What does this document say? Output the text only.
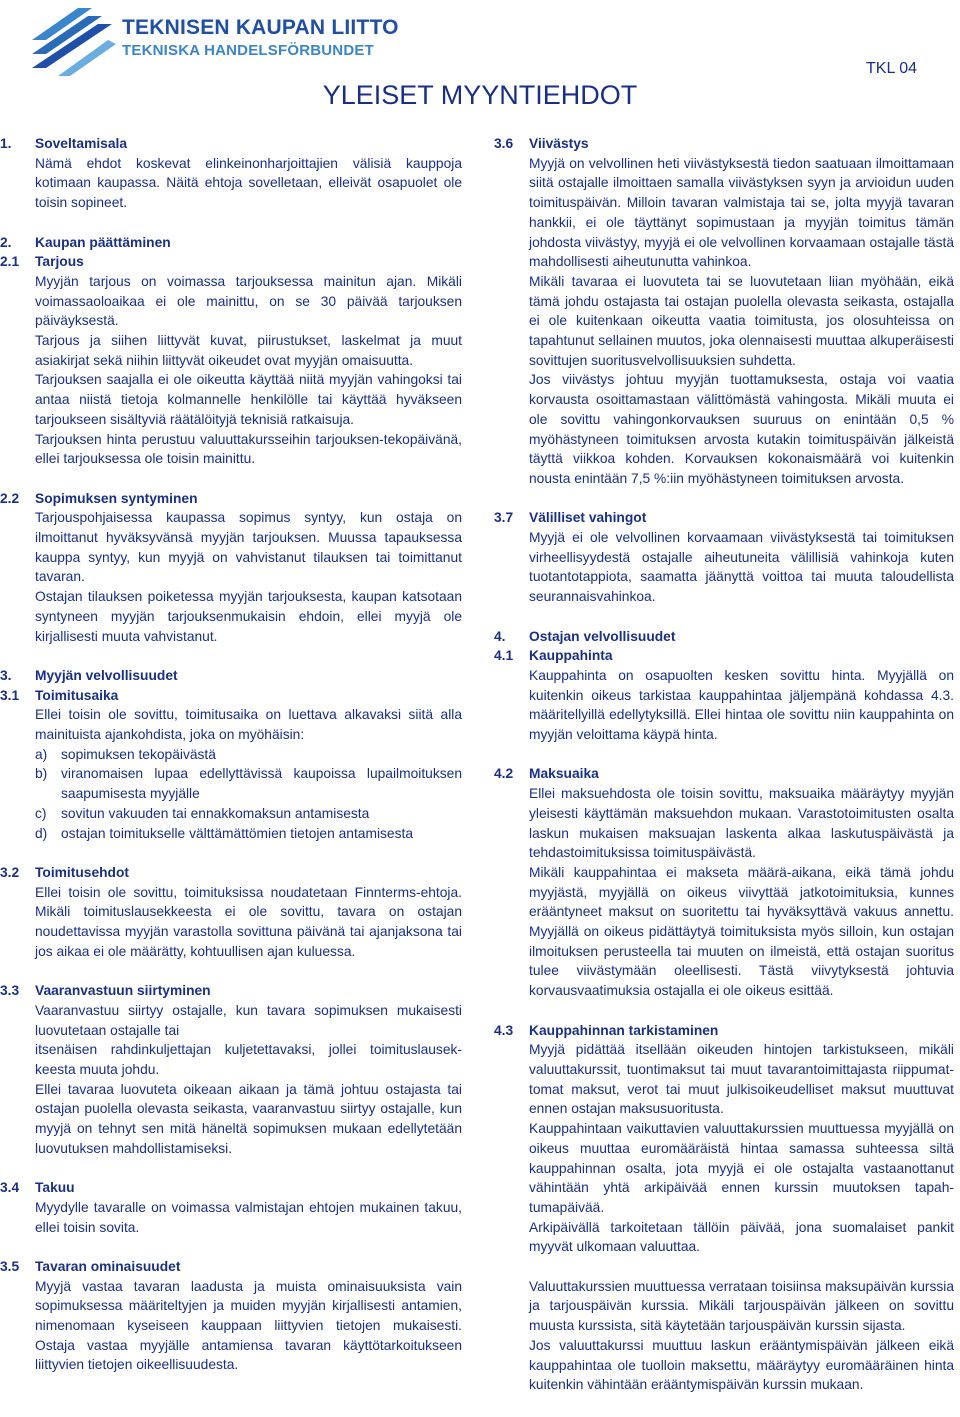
TEKNISEN KAUPAN LIITTO
TEKNISKA HANDELSFÖRBUNDET
TKL 04
YLEISET MYYNTIEHDOT
1.	Soveltamisala
Nämä ehdot koskevat elinkeinonharjoittajien välisiä kauppoja kotimaan kaupassa. Näitä ehtoja sovelletaan, elleivät osapuolet ole toisin sopineet.
2.	Kaupan päättäminen
2.1	Tarjous
Myyjän tarjous on voimassa tarjouksessa mainitun ajan. Mikäli voimassaoloaikaa ei ole mainittu, on se 30 päivää tarjouksen päiväyksestä.
Tarjous ja siihen liittyvät kuvat, piirustukset, laskelmat ja muut asiakirjat sekä niihin liittyvät oikeudet ovat myyjän omaisuutta.
Tarjouksen saajalla ei ole oikeutta käyttää niitä myyjän vahingoksi tai antaa niistä tietoja kolmannelle henkilölle tai käyttää hyväkseen tarjoukseen sisältyviä räätälöityjä teknisiä ratkaisuja.
Tarjouksen hinta perustuu valuuttakursseihin tarjouksen-tekopäivänä, ellei tarjouksessa ole toisin mainittu.
2.2	Sopimuksen syntyminen
Tarjouspohjaisessa kaupassa sopimus syntyy, kun ostaja on ilmoittanut hyväksyvänsä myyjän tarjouksen. Muussa tapauksessa kauppa syntyy, kun myyjä on vahvistanut tilauksen tai toimittanut tavaran.
Ostajan tilauksen poiketessa myyjän tarjouksesta, kaupan katsotaan syntyneen myyjän tarjouksenmukaisin ehdoin, ellei myyjä ole kirjallisesti muuta vahvistanut.
3.	Myyjän velvollisuudet
3.1	Toimitusaika
Ellei toisin ole sovittu, toimitusaika on luettava alkavaksi siitä alla mainituista ajankohdista, joka on myöhäisin:
a) sopimuksen tekopäivästä
b) viranomaisen lupaa edellyttävissä kaupoissa lupailmoituksen saapumisesta myyjälle
c)	sovitun vakuuden tai ennakkomaksun antamisesta
d) ostajan toimitukselle välttämättömien tietojen antamisesta
3.2	Toimitusehdot
Ellei toisin ole sovittu, toimituksissa noudatetaan Finnterms-ehtoja. Mikäli toimituslausekkeesta ei ole sovittu, tavara on ostajan noudettavissa myyjän varastolla sovittuna päivänä tai ajanjaksona tai jos aikaa ei ole määrätty, kohtuullisen ajan kuluessa.
3.3	Vaaranvastuun siirtyminen
Vaaranvastuu siirtyy ostajalle, kun tavara sopimuksen mukaisesti luovutetaan ostajalle tai
itsenäisen rahdinkuljettajan kuljetettavaksi, jollei toimituslausek-keesta muuta johdu.
Ellei tavaraa luovuteta oikeaan aikaan ja tämä johtuu ostajasta tai ostajan puolella olevasta seikasta, vaaranvastuu siirtyy ostajalle, kun myyjä on tehnyt sen mitä häneltä sopimuksen mukaan edellytetään luovutuksen mahdollistamiseksi.
3.4	Takuu
Myydylle tavaralle on voimassa valmistajan ehtojen mukainen takuu, ellei toisin sovita.
3.5	Tavaran ominaisuudet
Myyjä vastaa tavaran laadusta ja muista ominaisuuksista vain sopimuksessa määriteltyjen ja muiden myyjän kirjallisesti antamien, nimenomaan kyseiseen kauppaan liittyvien tietojen mukaisesti. Ostaja vastaa myyjälle antamiensa tavaran käyttötarkoitukseen liittyvien tietojen oikeellisuudesta.
3.6	Viivästys
Myyjä on velvollinen heti viivästyksestä tiedon saatuaan ilmoittamaan siitä ostajalle ilmoittaen samalla viivästyksen syyn ja arvioidun uuden toimituspäivän. Milloin tavaran valmistaja tai se, jolta myyjä tavaran hankkii, ei ole täyttänyt sopimustaan ja myyjän toimitus tämän johdosta viivästyy, myyjä ei ole velvollinen korvaamaan ostajalle tästä mahdollisesti aiheutunutta vahinkoa.
Mikäli tavaraa ei luovuteta tai se luovutetaan liian myöhään, eikä tämä johdu ostajasta tai ostajan puolella olevasta seikasta, ostajalla ei ole kuitenkaan oikeutta vaatia toimitusta, jos olosuhteissa on tapahtunut sellainen muutos, joka olennaisesti muuttaa alkuperäisesti sovittujen suoritusvelvollisuuksien suhdetta.
Jos viivästys johtuu myyjän tuottamuksesta, ostaja voi vaatia korvausta osoittamastaan välittömästä vahingosta. Mikäli muuta ei ole sovittu vahingonkorvauksen suuruus on enintään 0,5 % myöhästyneen toimituksen arvosta kutakin toimituspäivän jälkeistä täyttä viikkoa kohden. Korvauksen kokonaismäärä voi kuitenkin nousta enintään 7,5 %:iin myöhästyneen toimituksen arvosta.
3.7	Välilliset vahingot
Myyjä ei ole velvollinen korvaamaan viivästyksestä tai toimituksen virheellisyydestä ostajalle aiheutuneita välillisiä vahinkoja kuten tuotantotappiota, saamatta jäänyttä voittoa tai muuta taloudellista seurannaisvahinkoa.
4.	Ostajan velvollisuudet
4.1	Kauppahinta
Kauppahinta on osapuolten kesken sovittu hinta. Myyjällä on kuitenkin oikeus tarkistaa kauppahintaa jäljempänä kohdassa 4.3. määritellyillä edellytyksillä. Ellei hintaa ole sovittu niin kauppahinta on myyjän veloittama käypä hinta.
4.2	Maksuaika
Ellei maksuehdosta ole toisin sovittu, maksuaika määräytyy myyjän yleisesti käyttämän maksuehdon mukaan. Varastotoimitusten osalta laskun mukaisen maksuajan laskenta alkaa laskutuspäivästä ja tehdastoimituksissa toimituspäivästä.
Mikäli kauppahintaa ei makseta määrä-aikana, eikä tämä johdu myyjästä, myyjällä on oikeus viivyttää jatkotoimituksia, kunnes erääntyneet maksut on suoritettu tai hyväksyttävä vakuus annettu. Myyjällä on oikeus pidättäytyä toimituksista myös silloin, kun ostajan ilmoituksen perusteella tai muuten on ilmeistä, että ostajan suoritus tulee viivästymään oleellisesti. Tästä viivytyksestä johtuvia korvausvaatimuksia ostajalla ei ole oikeus esittää.
4.3	Kauppahinnan tarkistaminen
Myyjä pidättää itsellään oikeuden hintojen tarkistukseen, mikäli valuuttakurssit, tuontimaksut tai muut tavarantoimittajasta riippumat-tomat maksut, verot tai muut julkisoikeudelliset maksut muuttuvat ennen ostajan maksusuoritusta.
Kauppahintaan vaikuttavien valuuttakurssien muuttuessa myyjällä on oikeus muuttaa euromääräistä hintaa samassa suhteessa siltä kauppahinnan osalta, jota myyjä ei ole ostajalta vastaanottanut vähintään yhtä arkipäivää ennen kurssin muutoksen tapah-tumapäivää.
Arkipäivällä tarkoitetaan tällöin päivää, jona suomalaiset pankit myyvät ulkomaan valuuttaa.
Valuuttakurssien muuttuessa verrataan toisiinsa maksupäivän kurssia ja tarjouspäivän kurssia. Mikäli tarjouspäivän jälkeen on sovittu muusta kurssista, sitä käytetään tarjouspäivän kurssin sijasta.
Jos valuuttakurssi muuttuu laskun erääntymispäivän jälkeen eikä kauppahintaa ole tuolloin maksettu, määräytyy euromääräinen hinta kuitenkin vähintään erääntymispäivän kurssin mukaan.
